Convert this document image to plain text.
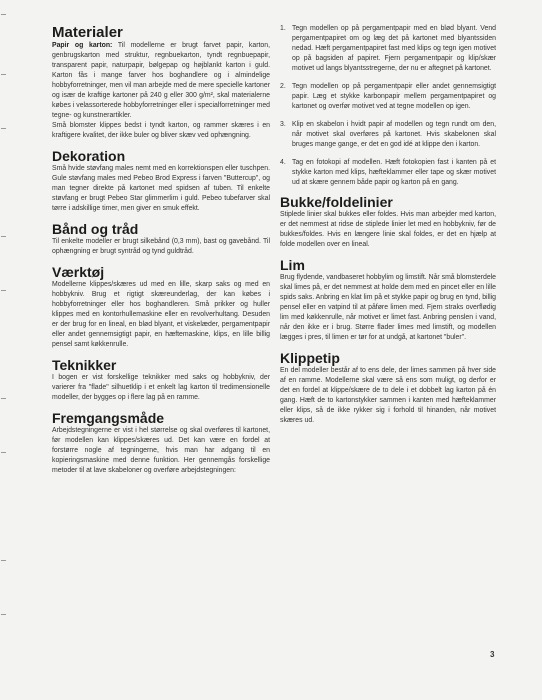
Materialer

Papir og karton: Til modellerne er brugt farvet papir, karton, genbrugskarton med struktur, regnbuekarton, tyndt regnbuepapir, transparent papir, naturpapir, bølgepap og højblankt karton i guld. Karton fås i mange farver hos boghandlere og i almindelige hobbyforretninger, men vil man arbejde med de mere specielle kartoner og især de kraftige kartoner på 240 g eller 300 g/m², skal materialerne købes i velassorterede hobbyforretninger eller i specialforretninger med tegne- og kunstnerartikler.

Små blomster klippes bedst i tyndt karton, og rammer skæres i en kraftigere kvalitet, der ikke buler og bliver skæv ved ophængning.

Dekoration

Små hvide støvfang males nemt med en korrektionspen eller tuschpen. Gule støvfang males med Pebeo Brod Express i farven "Buttercup", og man tegner direkte på kartonet med spidsen af tuben. Til enkelte støvfang er brugt Pebeo Star glimmerlim i guld. Pebeo tubefarver skal tørre i adskillige timer, men giver en smuk effekt.

Bånd og tråd

Til enkelte modeller er brugt silkebånd (0,3 mm), bast og gavebånd. Til ophængning er brugt syntråd og tynd guldtråd.

Værktøj

Modellerne klippes/skæres ud med en lille, skarp saks og med en hobbykniv. Brug et rigtigt skæreunderlag, der kan købes i hobbyforretninger eller hos boghandleren. Små prikker og huller klippes med en kontorhullemaskine eller en revolverhultang. Desuden er der brug for en lineal, en blød blyant, et viskelæder, pergamentpapir eller andet gennemsigtigt papir, en hæftemaskine, klips, en lille billig pensel samt køkkenrulle.

Teknikker

I bogen er vist forskellige teknikker med saks og hobbykniv, der varierer fra "flade" silhuetklip i et enkelt lag karton til tredimensionelle modeller, der bygges op i flere lag på en ramme.

Fremgangsmåde

Arbejdstegningerne er vist i hel størrelse og skal overføres til kartonet, før modellen kan klippes/skæres ud. Det kan være en fordel at forstørre nogle af tegningerne, hvis man har adgang til en kopieringsmaskine med denne funktion. Her gennemgås forskellige metoder til at lave skabeloner og overføre arbejdstegningen:

1. Tegn modellen op på pergamentpapir med en blød blyant. Vend pergamentpapiret om og læg det på kartonet med blyantssiden nedad. Hæft pergamentpapiret fast med klips og tegn igen motivet op på bagsiden af papiret. Fjern pergamentpapir og klip/skær motivet ud langs blyantsstregerne, der nu er aftegnet på kartonet.

2. Tegn modellen op på pergamentpapir eller andet gennemsigtigt papir. Læg et stykke karbonpapir mellem pergamentpapiret og kartonet og overfør motivet ved at tegne modellen op igen.

3. Klip en skabelon i hvidt papir af modellen og tegn rundt om den, når motivet skal overføres på kartonet. Hvis skabelonen skal bruges mange gange, er det en god idé at klippe den i karton.

4. Tag en fotokopi af modellen. Hæft fotokopien fast i kanten på et stykke karton med klips, hæfteklammer eller tape og skær motivet ud at skære gennem både papir og karton på en gang.

Bukke/foldelinier

Stiplede linier skal bukkes eller foldes. Hvis man arbejder med karton, er det nemmest at ridse de stiplede linier let med en hobbykniv, før de bukkes/foldes. Hvis en længere linie skal foldes, er det en hjælp at folde modellen over en lineal.

Lim

Brug flydende, vandbaseret hobbylim og limstift. Når små blomsterdele skal limes på, er det nemmest at holde dem med en pincet eller en lille spids saks. Anbring en klat lim på et stykke papir og brug en tynd, billig pensel eller en vatpind til at påføre limen med. Fjern straks overflødig lim med køkkenrulle, når motivet er limet fast. Anbring penslen i vand, når den ikke er i brug. Større flader limes med limstift, og modellen lægges i pres, til limen er tør for at undgå, at kartonet "buler".

Klippetip

En del modeller består af to ens dele, der limes sammen på hver side af en ramme. Modellerne skal være så ens som muligt, og derfor er det en fordel at klippe/skære de to dele i et dobbelt lag karton på én gang. Hæft de to kartonstykker sammen i kanten med hæfteklammer eller klips, så de ikke rykker sig i forhold til hinanden, når motivet skæres ud.

3
